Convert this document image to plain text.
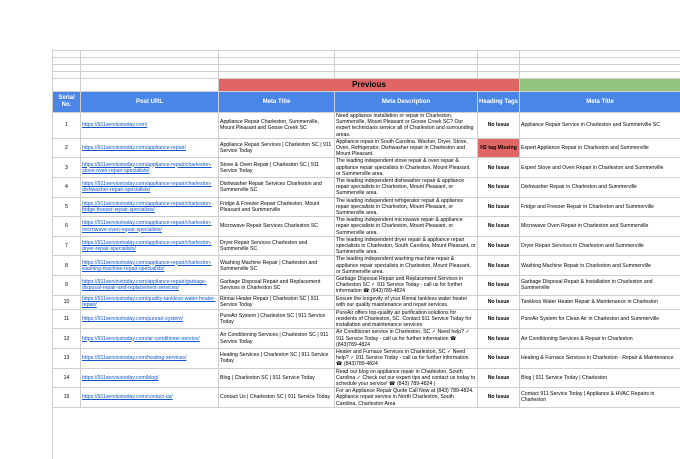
		Previous			
Serial No.	Post URL	Meta Title	Meta Description	Heading Tags	Meta Title
1	https://911servicetoday.com/	Appliance Repair Charleston, Summerville, Mount Pleasant and Goose Creek SC	Need appliance installation or repair in Charleston, Summerville, Mount Pleasant or Goose Creek SC? Our expert technicians service all of Charleston and surrounding areas.	No Issue	Appliance Repair Service in Charleston and Summerville SC
2	https://911servicetoday.com/appliance-repair/	Appliance Repair Services | Charleston SC | 911 Service Today	Appliance repair in South Carolina. Washer, Dryer, Stove, Oven, Refrigerator, Dishwasher repair in Charleston and Mount Pleasant.	H2 tag Missing	Expert Appliance Repair in Charleston and Summerville
3	https://911servicetoday.com/appliance-repair/charleston-stove-oven-repair-specialists/	Stove & Oven Repair | Charleston SC | 911 Service Today	The leading independent stove repair & oven repair & appliance repair specialists in Charleston, Mount Pleasant, or Summerville area.	No Issue	Expert Stove and Oven Repair in Charleston and Summerville
4	https://911servicetoday.com/appliance-repair/charleston-dishwasher-repair-specialists/	Dishwasher Repair Services Charleston and Summerville SC	The leading independent dishwasher repair & appliance repair specialists in Charleston, Mount Pleasant, or Summerville area.	No Issue	Dishwasher Repair in Charleston and Summerville
5	https://911servicetoday.com/appliance-repair/charleston-fridge-freezer-repair-specialists/	Fridge & Freezer Repair Charleston, Mount Pleasant and Summerville	The leading independent refrigerator repair & appliance repair specialists in Charleston, Mount Pleasant, or Summerville area.	No Issue	Fridge and Freezer Repair in Charleston and Summerville
6	https://911servicetoday.com/appliance-repair/charleston-microwave-oven-repair-specialists/	Microwave Repair Services Charleston SC	The leading independent microwave repair & appliance repair specialists in Charleston, Mount Pleasant, or Summerville area.	No Issue	Microwave Oven Repair in Charleston and Summerville
7	https://911servicetoday.com/appliance-repair/charleston-dryer-repair-specialists/	Dryer Repair Services Charleston and Summerville SC	The leading independent dryer repair & appliance repair specialists in Charleston, South Carolina, Mount Pleasant, or Summerville area.	No Issue	Dryer Repair Services in Charleston and Summerville
8	https://911servicetoday.com/appliance-repair/charleston-washing-machine-repair-specialists/	Washing Machine Repair | Charleston and Summerville SC	The leading independent washing machine repair & appliance repair specialists in Charleston, Mount Pleasant, or Summerville area.	No Issue	Washing Machine Repair in Charleston and Summerville
9	https://911servicetoday.com/appliance-repair/garbage-disposal-repair-and-replacement-services/	Garbage Disposal Repair and Replacement Services in Charleston SC	Garbage Disposal Repair and Replacement Services in Charleston SC ✓ 911 Service Today - call us for further information ☎ (843)789-4824	No Issue	Garbage Disposal Repair & Installation in Charleston and Summerville
10	https://911servicetoday.com/quality-tankless-water-heater-repair/	Rinnai Heater Repair | Charleston SC | 911 Service Today	Ensure the longevity of your Rinnai tankless water heater with our quality maintenance and repair services.	No Issue	Tankless Water Heater Repair & Maintenance in Charleston
11	https://911servicetoday.com/pureair-system/	PureAir System | Charleston SC | 911 Service Today	PureAir offers top-quality air purification solutions for residents of Charleston, SC. Contact 911 Service Today for installation and maintenance services	No Issue	PureAir System for Clean Air in Charleston and Summerville
12	https://911servicetoday.com/air-conditioner-service/	Air Conditioning Services | Charleston SC | 911 Service Today	Air Conditioner service in Charleston, SC ✓ Need help? ✓ 911 Service Today - call us for further information ☎ (843)789-4824	No Issue	Air Conditioning Services & Repair in Charleston
13	https://911servicetoday.com/heating-services/	Heating Services | Charleston SC | 911 Service Today	Heater and Furnace Services in Charleston, SC ✓ Need help? ✓ 911 Service Today - call us for further information ☎ (843)789-4824	No Issue	Heating & Furnace Services in Charleston - Repair & Maintenance
14	https://911servicetoday.com/blog/	Blog | Charleston SC | 911 Service Today	Read our blog on appliance repair in Charleston, South Carolina ✓ Check out our expert tips and contact us today to schedule your service! ☎ (843) 789-4824 |	No Issue	Blog | 911 Service Today | Charleston
15	https://911servicetoday.com/contact-us/	Contact Us | Charleston SC | 911 Service Today	For an Appliance Repair Quote Call Now at (843) 789-4824. Appliance repair service in North Charleston, South Carolina, Charleston Area	No Issue	Contact 911 Service Today | Appliance & HVAC Repairs in Charleston
